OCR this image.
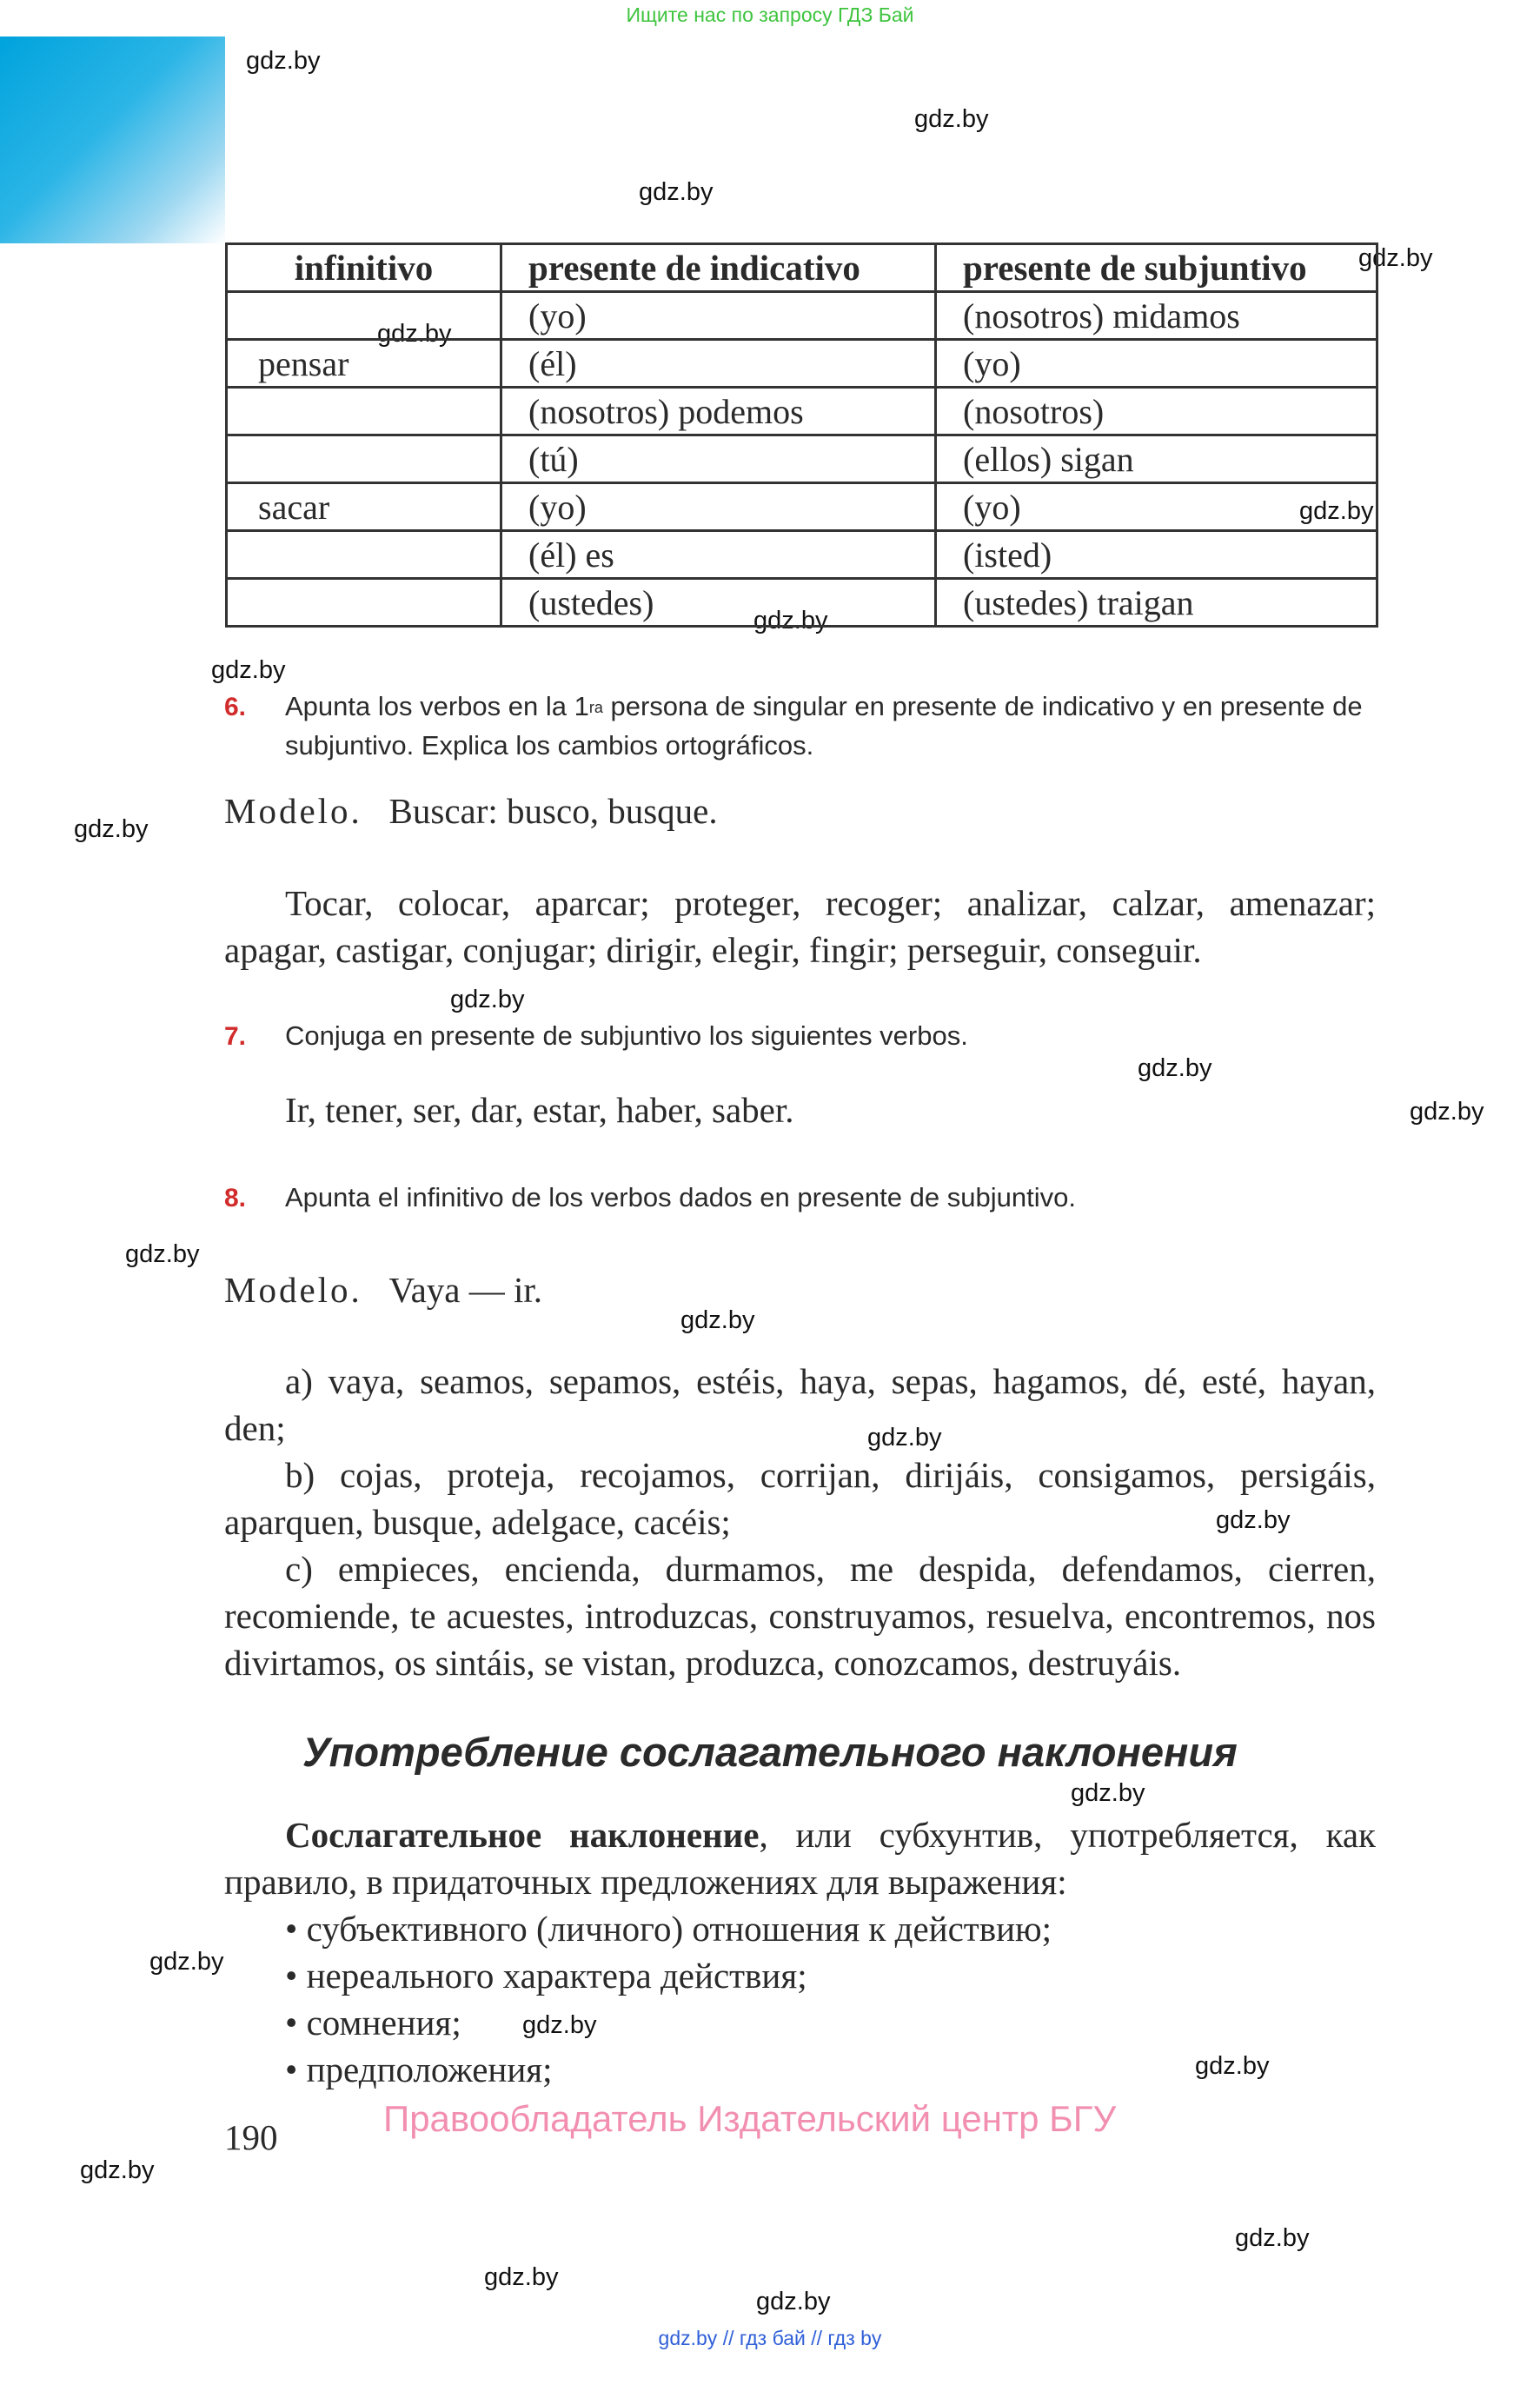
Ищите нас по запросу ГДЗ Бай
gdz.by
gdz.by
gdz.by
gdz.by
gdz.by
gdz.by
gdz.by
gdz.by
gdz.by
gdz.by
gdz.by
gdz.by
gdz.by
gdz.by
gdz.by
gdz.by
gdz.by
gdz.by
gdz.by
gdz.by
gdz.by
gdz.by
gdz.by
gdz.by
infinitivo	presente de indicativo	presente de subjuntivo
	(yo)	(nosotros) midamos
pensar	(él)	(yo)
	(nosotros) podemos	(nosotros)
	(tú)	(ellos) sigan
sacar	(yo)	(yo)
	(él) es	(isted)
	(ustedes)	(ustedes) traigan
6. Apunta los verbos en la $1^{ra}$ persona de singular en presente de indicativo y en presente de subjuntivo. Explica los cambios ortográficos.
Modelo. Buscar: busco, busque.
Tocar, colocar, aparcar; proteger, recoger; analizar, calzar, amenazar; apagar, castigar, conjugar; dirigir, elegir, fingir; perseguir, conseguir.
7. Conjuga en presente de subjuntivo los siguientes verbos.
Ir, tener, ser, dar, estar, haber, saber.
8. Apunta el infinitivo de los verbos dados en presente de subjuntivo.
Modelo. Vaya — ir.
a) vaya, seamos, sepamos, estéis, haya, sepas, hagamos, dé, esté, hayan, den;
b) cojas, proteja, recojamos, corrijan, dirijáis, consigamos, persigáis, aparquen, busque, adelgace, cacéis;
c) empieces, encienda, durmamos, me despida, defendamos, cierren, recomiende, te acuestes, introduzcas, construyamos, resuelva, encontremos, nos divirtamos, os sintáis, se vistan, produzca, conozcamos, destruyáis.
Употребление сослагательного наклонения
Сослагательное наклонение, или субхунтив, употребляется, как правило, в придаточных предложениях для выражения:
• субъективного (личного) отношения к действию;
• нереального характера действия;
• сомнения;
• предположения;
190	Правообладатель Издательский центр БГУ
gdz.by // гдз бай // гдз by
